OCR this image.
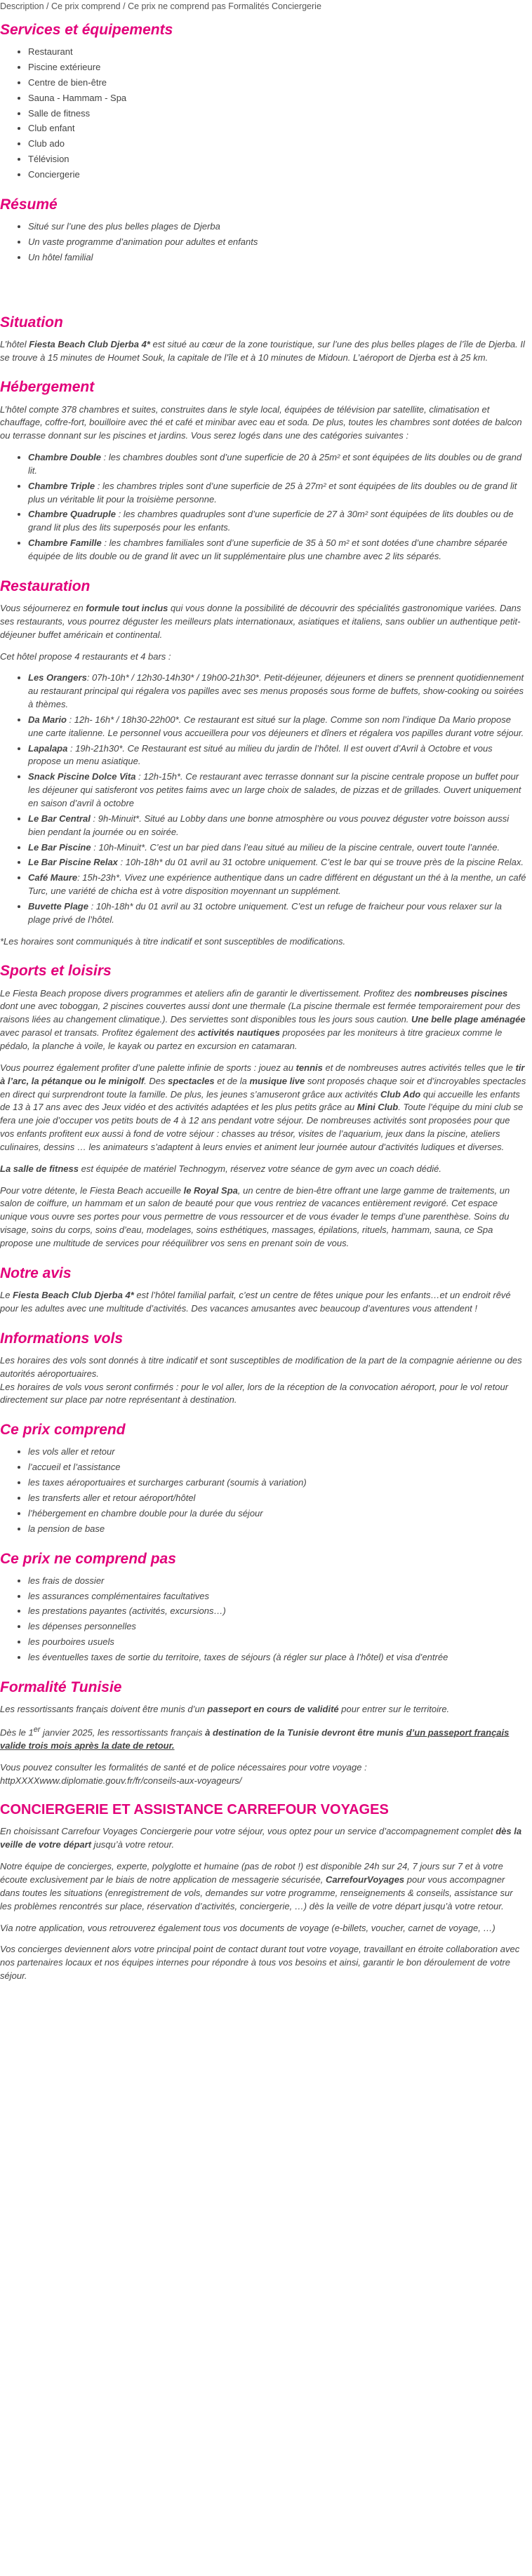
Description / Ce prix comprend / Ce prix ne comprend pas Formalités Conciergerie
Services et équipements
• Restaurant
• Piscine extérieure
• Centre de bien-être
• Sauna - Hammam - Spa
• Salle de fitness
• Club enfant
• Club ado
• Télévision
• Conciergerie
Résumé
• Situé sur l’une des plus belles plages de Djerba
• Un vaste programme d’animation pour adultes et enfants
• Un hôtel familial
Situation

L’hôtel Fiesta Beach Club Djerba 4* est situé au cœur de la zone touristique, sur l’une des plus belles plages de l’île de Djerba. Il se trouve à 15 minutes de Houmet Souk, la capitale de l’île et à 10 minutes de Midoun. L’aéroport de Djerba est à 25 km.

Hébergement

L’hôtel compte 378 chambres et suites, construites dans le style local, équipées de télévision par satellite, climatisation et chauffage, coffre-fort, bouilloire avec thé et café et minibar avec eau et soda. De plus, toutes les chambres sont dotées de balcon ou terrasse donnant sur les piscines et jardins. Vous serez logés dans une des catégories suivantes :

• Chambre Double : les chambres doubles sont d’une superficie de 20 à 25m² et sont équipées de lits doubles ou de grand lit.
• Chambre Triple : les chambres triples sont d’une superficie de 25 à 27m² et sont équipées de lits doubles ou de grand lit plus un véritable lit pour la troisième personne.
• Chambre Quadruple : les chambres quadruples sont d’une superficie de 27 à 30m² sont équipées de lits doubles ou de grand lit plus des lits superposés pour les enfants.
• Chambre Famille : les chambres familiales sont d’une superficie de 35 à 50 m² et sont dotées d’une chambre séparée équipée de lits double ou de grand lit avec un lit supplémentaire plus une chambre avec 2 lits séparés.
Restauration

Vous séjournerez en formule tout inclus qui vous donne la possibilité de découvrir des spécialités gastronomique variées. Dans ses restaurants, vous pourrez déguster les meilleurs plats internationaux, asiatiques et italiens, sans oublier un authentique petit-déjeuner buffet américain et continental.

Cet hôtel propose 4 restaurants et 4 bars :

• Les Orangers: 07h-10h* / 12h30-14h30* / 19h00-21h30*. Petit-déjeuner, déjeuners et diners se prennent quotidiennement au restaurant principal qui régalera vos papilles avec ses menus proposés sous forme de buffets, show-cooking ou soirées à thèmes.
• Da Mario : 12h- 16h* / 18h30-22h00*. Ce restaurant est situé sur la plage. Comme son nom l’indique Da Mario propose une carte italienne. Le personnel vous accueillera pour vos déjeuners et dîners et régalera vos papilles durant votre séjour.
• Lapalapa : 19h-21h30*. Ce Restaurant est situé au milieu du jardin de l’hôtel. Il est ouvert d’Avril à Octobre et vous propose un menu asiatique.
• Snack Piscine Dolce Vita : 12h-15h*. Ce restaurant avec terrasse donnant sur la piscine centrale propose un buffet pour les déjeuner qui satisferont vos petites faims avec un large choix de salades, de pizzas et de grillades. Ouvert uniquement en saison d’avril à octobre
• Le Bar Central : 9h-Minuit*. Situé au Lobby dans une bonne atmosphère ou vous pouvez déguster votre boisson aussi bien pendant la journée ou en soirée.
• Le Bar Piscine : 10h-Minuit*. C’est un bar pied dans l’eau situé au milieu de la piscine centrale, ouvert toute l’année.
• Le Bar Piscine Relax : 10h-18h* du 01 avril au 31 octobre uniquement. C’est le bar qui se trouve près de la piscine Relax.
• Café Maure: 15h-23h*. Vivez une expérience authentique dans un cadre différent en dégustant un thé à la menthe, un café Turc, une variété de chicha est à votre disposition moyennant un supplément.
• Buvette Plage : 10h-18h* du 01 avril au 31 octobre uniquement. C’est un refuge de fraicheur pour vous relaxer sur la plage privé de l’hôtel.

*Les horaires sont communiqués à titre indicatif et sont susceptibles de modifications.

Sports et loisirs

Le Fiesta Beach propose divers programmes et ateliers afin de garantir le divertissement. Profitez des nombreuses piscines dont une avec toboggan, 2 piscines couvertes aussi dont une thermale (La piscine thermale est fermée temporairement pour des raisons liées au changement climatique.). Des serviettes sont disponibles tous les jours sous caution. Une belle plage aménagée avec parasol et transats. Profitez également des activités nautiques proposées par les moniteurs à titre gracieux comme le pédalo, la planche à voile, le kayak ou partez en excursion en catamaran.

Vous pourrez également profiter d’une palette infinie de sports : jouez au tennis et de nombreuses autres activités telles que le tir à l’arc, la pétanque ou le minigolf. Des spectacles et de la musique live sont proposés chaque soir et d’incroyables spectacles en direct qui surprendront toute la famille. De plus, les jeunes s’amuseront grâce aux activités Club Ado qui accueille les enfants de 13 à 17 ans avec des Jeux vidéo et des activités adaptées et les plus petits grâce au Mini Club. Toute l’équipe du mini club se fera une joie d’occuper vos petits bouts de 4 à 12 ans pendant votre séjour. De nombreuses activités sont proposées pour que vos enfants profitent eux aussi à fond de votre séjour : chasses au trésor, visites de l’aquarium, jeux dans la piscine, ateliers culinaires, dessins … les animateurs s’adaptent à leurs envies et animent leur journée autour d’activités ludiques et diverses.

La salle de fitness est équipée de matériel Technogym, réservez votre séance de gym avec un coach dédié.

Pour votre détente, le Fiesta Beach accueille le Royal Spa, un centre de bien-être offrant une large gamme de traitements, un salon de coiffure, un hammam et un salon de beauté pour que vous rentriez de vacances entièrement revigoré. Cet espace unique vous ouvre ses portes pour vous permettre de vous ressourcer et de vous évader le temps d’une parenthèse. Soins du visage, soins du corps, soins d’eau, modelages, soins esthétiques, massages, épilations, rituels, hammam, sauna, ce Spa propose une multitude de services pour rééquilibrer vos sens en prenant soin de vous.

Notre avis

Le Fiesta Beach Club Djerba 4* est l’hôtel familial parfait, c’est un centre de fêtes unique pour les enfants…et un endroit rêvé pour les adultes avec une multitude d’activités. Des vacances amusantes avec beaucoup d’aventures vous attendent !

Informations vols

Les horaires des vols sont donnés à titre indicatif et sont susceptibles de modification de la part de la compagnie aérienne ou des autorités aéroportuaires.
Les horaires de vols vous seront confirmés : pour le vol aller, lors de la réception de la convocation aéroport, pour le vol retour directement sur place par notre représentant à destination.

Ce prix comprend
• les vols aller et retour
• l’accueil et l’assistance
• les taxes aéroportuaires et surcharges carburant (soumis à variation)
• les transferts aller et retour aéroport/hôtel
• l’hébergement en chambre double pour la durée du séjour
• la pension de base
Ce prix ne comprend pas
• les frais de dossier
• les assurances complémentaires facultatives
• les prestations payantes (activités, excursions…)
• les dépenses personnelles
• les pourboires usuels
• les éventuelles taxes de sortie du territoire, taxes de séjours (à régler sur place à l’hôtel) et visa d’entrée
Formalité Tunisie

Les ressortissants français doivent être munis d’un passeport en cours de validité pour entrer sur le territoire.

Dès le 1er janvier 2025, les ressortissants français à destination de la Tunisie devront être munis d’un passeport français valide trois mois après la date de retour.

Vous pouvez consulter les formalités de santé et de police nécessaires pour votre voyage :
httpXXXXwww.diplomatie.gouv.fr/fr/conseils-aux-voyageurs/

CONCIERGERIE ET ASSISTANCE CARREFOUR VOYAGES

En choisissant Carrefour Voyages Conciergerie pour votre séjour, vous optez pour un service d’accompagnement complet dès la veille de votre départ jusqu’à votre retour.

Notre équipe de concierges, experte, polyglotte et humaine (pas de robot !) est disponible 24h sur 24, 7 jours sur 7 et à votre écoute exclusivement par le biais de notre application de messagerie sécurisée, CarrefourVoyages pour vous accompagner dans toutes les situations (enregistrement de vols, demandes sur votre programme, renseignements & conseils, assistance sur les problèmes rencontrés sur place, réservation d’activités, conciergerie, …) dès la veille de votre départ jusqu’à votre retour.

Via notre application, vous retrouverez également tous vos documents de voyage (e-billets, voucher, carnet de voyage, …)

Vos concierges deviennent alors votre principal point de contact durant tout votre voyage, travaillant en étroite collaboration avec nos partenaires locaux et nos équipes internes pour répondre à tous vos besoins et ainsi, garantir le bon déroulement de votre séjour.
